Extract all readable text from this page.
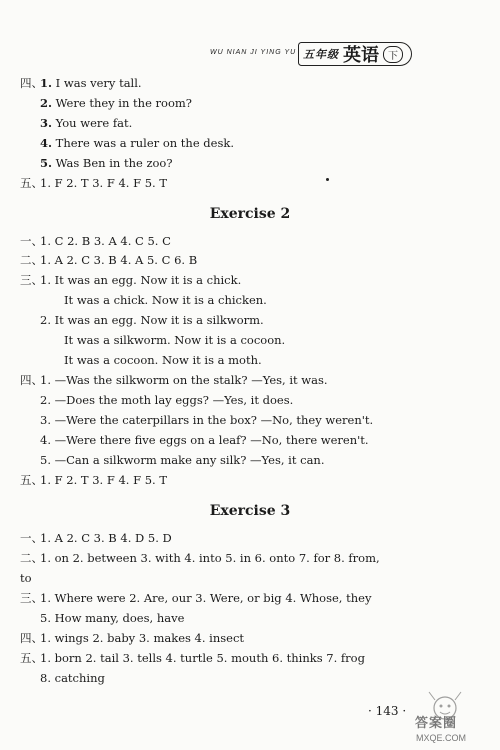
WU NIAN JI YING YU 五年级 英语 下
四、
1. I was very tall.
2. Were they in the room?
3. You were fat.
4. There was a ruler on the desk.
5. Was Ben in the zoo?
五、
1. F 2. T 3. F 4. F 5. T
Exercise 2
一、
1. C 2. B 3. A 4. C 5. C
二、
1. A 2. C 3. B 4. A 5. C 6. B
三、
1. It was an egg. Now it is a chick.
It was a chick. Now it is a chicken.
2. It was an egg. Now it is a silkworm.
It was a silkworm. Now it is a cocoon.
It was a cocoon. Now it is a moth.
四、
1. —Was the silkworm on the stalk? —Yes, it was.
2. —Does the moth lay eggs? —Yes, it does.
3. —Were the caterpillars in the box? —No, they weren't.
4. —Were there five eggs on a leaf? —No, there weren't.
5. —Can a silkworm make any silk? —Yes, it can.
五、
1. F 2. T 3. F 4. F 5. T
Exercise 3
一、
1. A 2. C 3. B 4. D 5. D
二、
1. on 2. between 3. with 4. into 5. in 6. onto 7. for 8. from,
to
三、
1. Where were 2. Are, our 3. Were, or big 4. Whose, they
5. How many, does, have
四、
1. wings 2. baby 3. makes 4. insect
五、
1. born 2. tail 3. tells 4. turtle 5. mouth 6. thinks 7. frog
8. catching
· 143 ·
答案圈
MXQE.COM
